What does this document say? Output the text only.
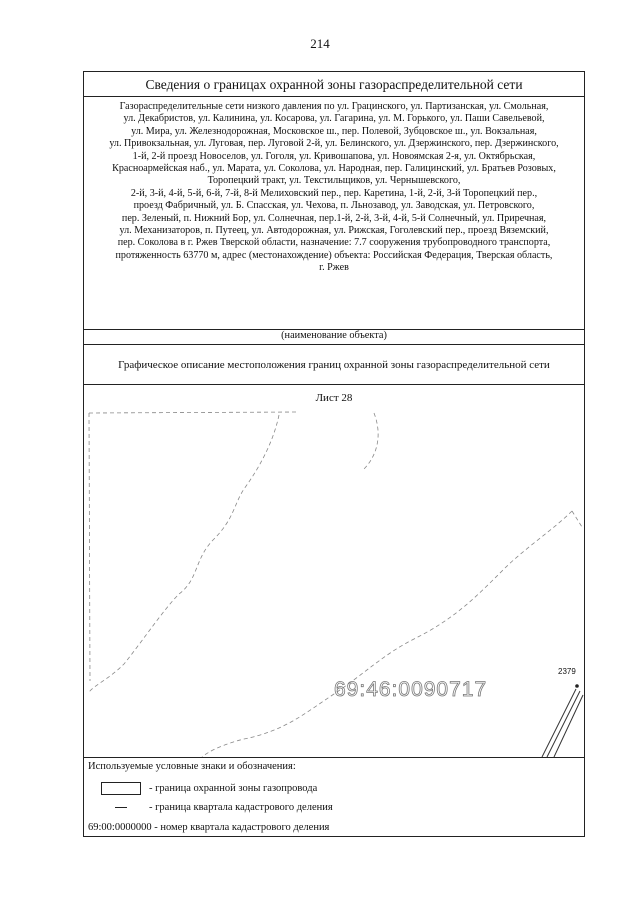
214
Сведения о границах охранной зоны газораспределительной сети
Газораспределительные сети низкого давления по ул. Грацинского, ул. Партизанская, ул. Смольная,
ул. Декабристов, ул. Калинина, ул. Косарова, ул. Гагарина, ул. М. Горького, ул. Паши Савельевой,
ул. Мира, ул. Железнодорожная, Московское ш., пер. Полевой, Зубцовское ш., ул. Вокзальная,
ул. Привокзальная, ул. Луговая, пер. Луговой 2-й, ул. Белинского, ул. Дзержинского, пер. Дзержинского,
1-й, 2-й проезд Новоселов, ул. Гоголя, ул. Кривошапова, ул. Новоямская 2-я, ул. Октябрьская,
Красноармейская наб., ул. Марата, ул. Соколова, ул. Народная, пер. Галицинский, ул. Братьев Розовых,
Торопецкий тракт, ул. Текстильщиков, ул. Чернышевского,
2-й, 3-й, 4-й, 5-й, 6-й, 7-й, 8-й Мелиховский пер., пер. Каретина, 1-й, 2-й, 3-й Торопецкий пер.,
проезд Фабричный, ул. Б. Спасская, ул. Чехова, п. Льнозавод, ул. Заводская, ул. Петровского,
пер. Зеленый, п. Нижний Бор, ул. Солнечная, пер.1-й, 2-й, 3-й, 4-й, 5-й Солнечный, ул. Приречная,
ул. Механизаторов, п. Путеец, ул. Автодорожная, ул. Рижская, Гоголевский пер., проезд Вяземский,
пер. Соколова в г. Ржев Тверской области, назначение: 7.7 сооружения трубопроводного транспорта,
протяженность 63770 м, адрес (местонахождение) объекта: Российская Федерация, Тверская область,
г. Ржев
(наименование объекта)
Графическое описание местоположения границ охранной зоны газораспределительной сети
Лист 28
69:46:0090717
2379
Используемые условные знаки и обозначения:
- граница охранной зоны газопровода
- граница квартала кадастрового деления
69:00:0000000 - номер квартала кадастрового деления
